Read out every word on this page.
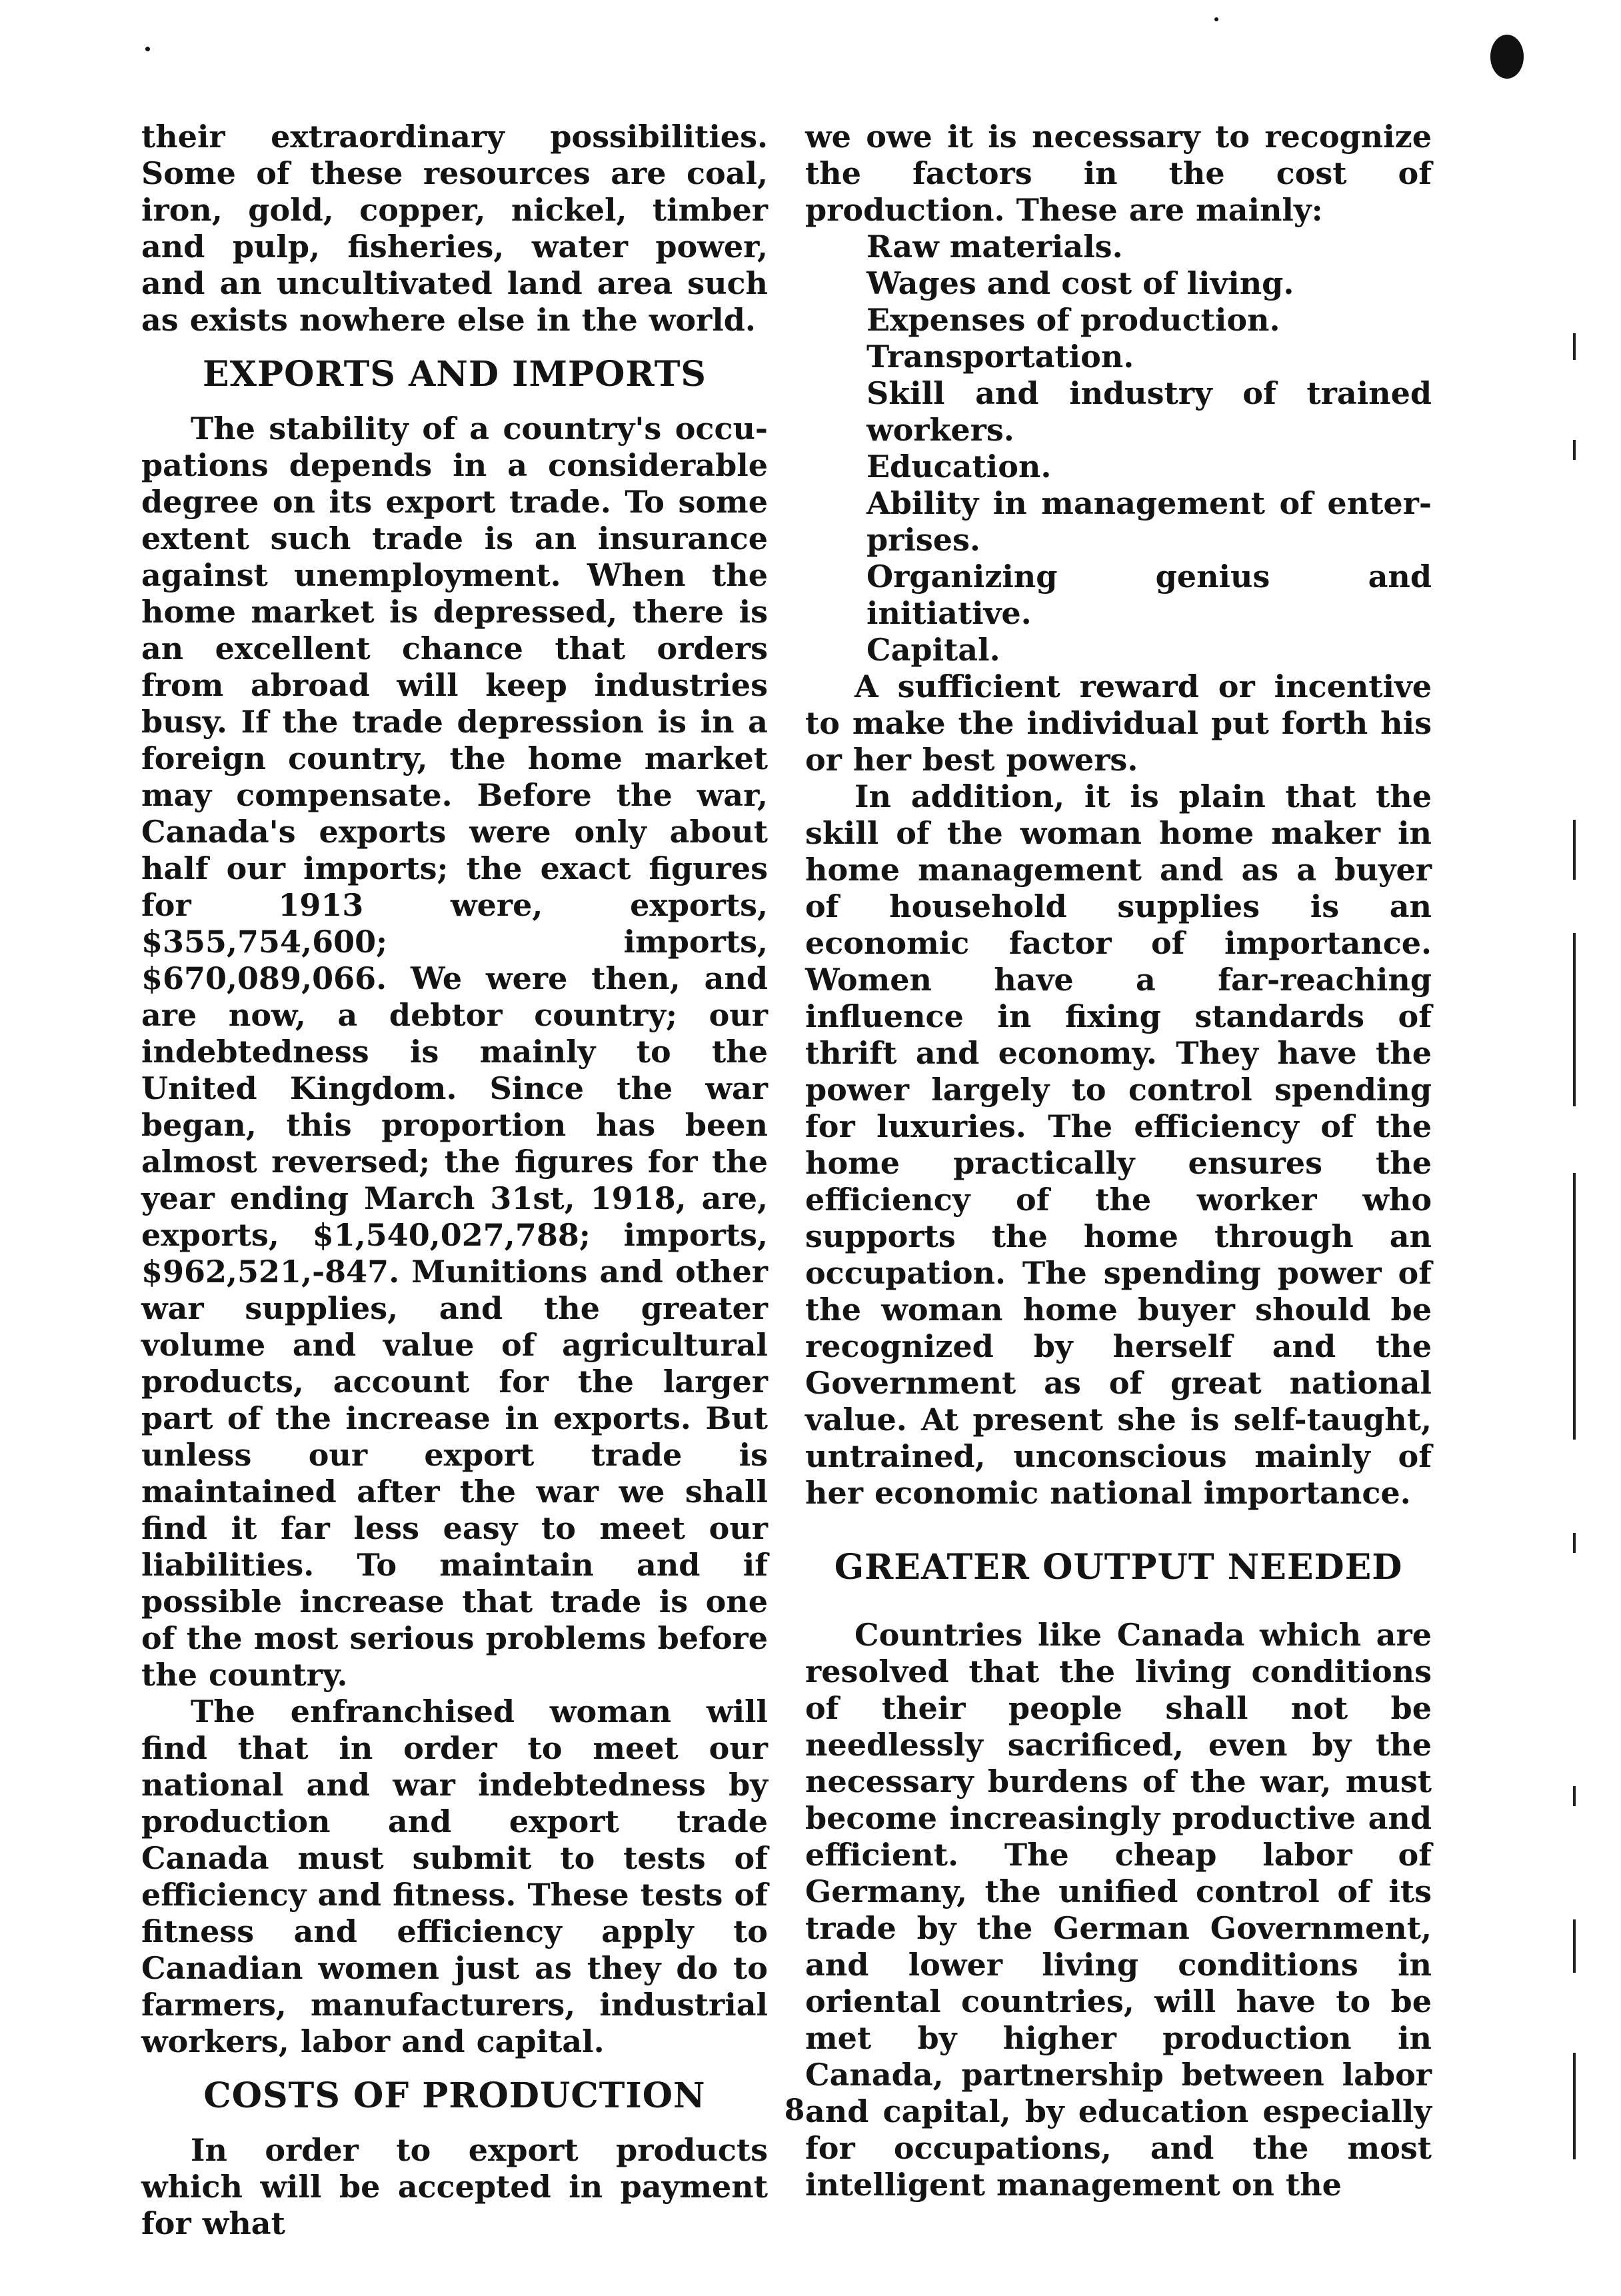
their extraordinary possibilities. Some of these resources are coal, iron, gold, copper, nickel, timber and pulp, fisheries, water power, and an uncultivated land area such as exists nowhere else in the world.

EXPORTS AND IMPORTS

The stability of a country's occupations depends in a considerable degree on its export trade. To some extent such trade is an insurance against unemployment. When the home market is depressed, there is an excellent chance that orders from abroad will keep industries busy. If the trade depression is in a foreign country, the home market may compensate. Before the war, Canada's exports were only about half our imports; the exact figures for 1913 were, exports, $355,754,600; imports, $670,089,066. We were then, and are now, a debtor country; our indebtedness is mainly to the United Kingdom. Since the war began, this proportion has been almost reversed; the figures for the year ending March 31st, 1918, are, exports, $1,540,027,788; imports, $962,521,-847. Munitions and other war supplies, and the greater volume and value of agricultural products, account for the larger part of the increase in exports. But unless our export trade is maintained after the war we shall find it far less easy to meet our liabilities. To maintain and if possible increase that trade is one of the most serious problems before the country.

The enfranchised woman will find that in order to meet our national and war indebtedness by production and export trade Canada must submit to tests of efficiency and fitness. These tests of fitness and efficiency apply to Canadian women just as they do to farmers, manufacturers, industrial workers, labor and capital.

COSTS OF PRODUCTION

In order to export products which will be accepted in payment for what

we owe it is necessary to recognize the factors in the cost of production. These are mainly:

Raw materials.
Wages and cost of living.
Expenses of production.
Transportation.
Skill and industry of trained workers.
Education.
Ability in management of enterprises.
Organizing genius and initiative.
Capital.

A sufficient reward or incentive to make the individual put forth his or her best powers.

In addition, it is plain that the skill of the woman home maker in home management and as a buyer of household supplies is an economic factor of importance. Women have a far-reaching influence in fixing standards of thrift and economy. They have the power largely to control spending for luxuries. The efficiency of the home practically ensures the efficiency of the worker who supports the home through an occupation. The spending power of the woman home buyer should be recognized by herself and the Government as of great national value. At present she is self-taught, untrained, unconscious mainly of her economic national importance.

GREATER OUTPUT NEEDED

Countries like Canada which are resolved that the living conditions of their people shall not be needlessly sacrificed, even by the necessary burdens of the war, must become increasingly productive and efficient. The cheap labor of Germany, the unified control of its trade by the German Government, and lower living conditions in oriental countries, will have to be met by higher production in Canada, partnership between labor and capital, by education especially for occupations, and the most intelligent management on the

8
